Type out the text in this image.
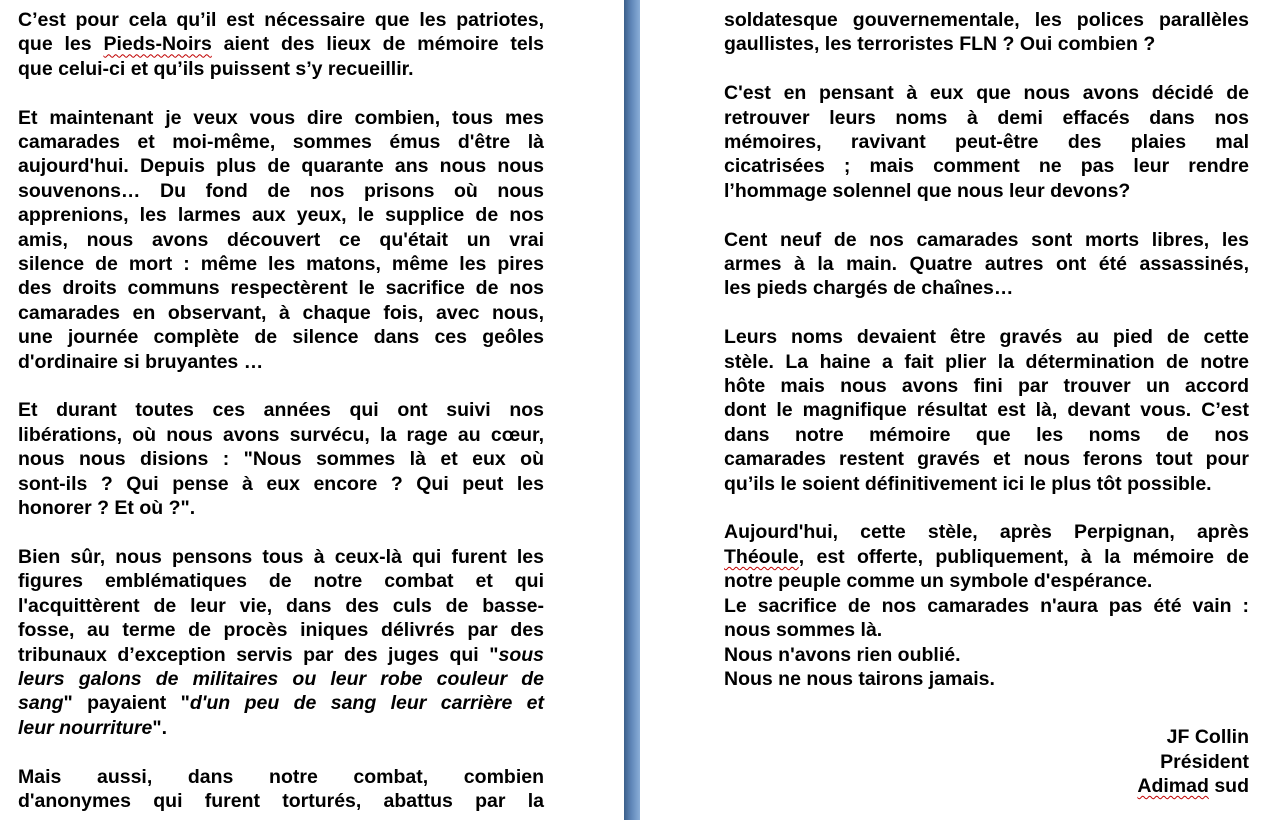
C’est pour cela qu’il est nécessaire que les patriotes,
que les Pieds-Noirs aient des lieux de mémoire tels
que celui-ci et qu’ils puissent s’y recueillir.
Et maintenant je veux vous dire combien, tous mes
camarades et moi-même, sommes émus d'être là
aujourd'hui. Depuis plus de quarante ans nous nous
souvenons… Du fond de nos prisons où nous
apprenions, les larmes aux yeux, le supplice de nos
amis, nous avons découvert ce qu'était un vrai
silence de mort : même les matons, même les pires
des droits communs respectèrent le sacrifice de nos
camarades en observant, à chaque fois, avec nous,
une journée complète de silence dans ces geôles
d'ordinaire si bruyantes …
Et durant toutes ces années qui ont suivi nos
libérations, où nous avons survécu, la rage au cœur,
nous nous disions : "Nous sommes là et eux où
sont-ils ? Qui pense à eux encore ? Qui peut les
honorer ? Et où ?".
Bien sûr, nous pensons tous à ceux-là qui furent les
figures emblématiques de notre combat et qui
l'acquittèrent de leur vie, dans des culs de basse-
fosse, au terme de procès iniques délivrés par des
tribunaux d’exception servis par des juges qui "sous
leurs galons de militaires ou leur robe couleur de
sang" payaient "d'un peu de sang leur carrière et
leur nourriture".
Mais aussi, dans notre combat, combien
d'anonymes qui furent torturés, abattus par la
soldatesque gouvernementale, les polices parallèles
gaullistes, les terroristes FLN ? Oui combien ?
C'est en pensant à eux que nous avons décidé de
retrouver leurs noms à demi effacés dans nos
mémoires, ravivant peut-être des plaies mal
cicatrisées ; mais comment ne pas leur rendre
l’hommage solennel que nous leur devons?
Cent neuf de nos camarades sont morts libres, les
armes à la main. Quatre autres ont été assassinés,
les pieds chargés de chaînes…
Leurs noms devaient être gravés au pied de cette
stèle. La haine a fait plier la détermination de notre
hôte mais nous avons fini par trouver un accord
dont le magnifique résultat est là, devant vous. C’est
dans notre mémoire que les noms de nos
camarades restent gravés et nous ferons tout pour
qu’ils le soient définitivement ici le plus tôt possible.
Aujourd'hui, cette stèle, après Perpignan, après
Théoule, est offerte, publiquement, à la mémoire de
notre peuple comme un symbole d'espérance.
Le sacrifice de nos camarades n'aura pas été vain :
nous sommes là.
Nous n'avons rien oublié.
Nous ne nous tairons jamais.
JF Collin
Président
Adimad sud
